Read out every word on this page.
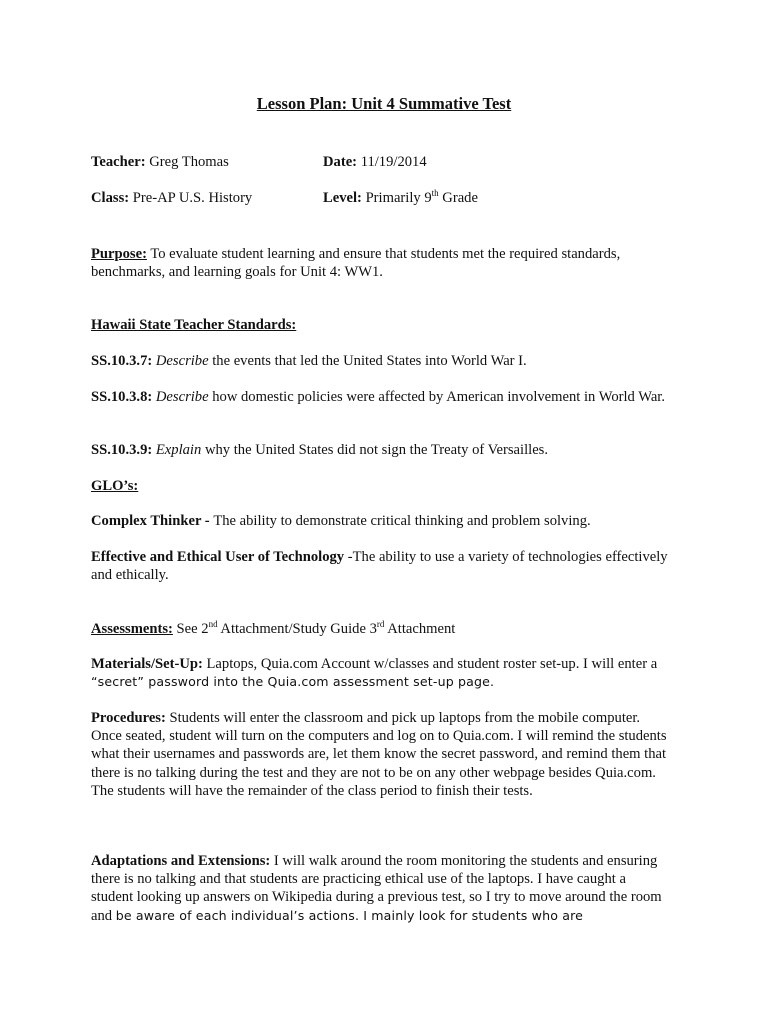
Lesson Plan: Unit 4 Summative Test
Teacher: Greg Thomas	Date: 11/19/2014
Class: Pre-AP U.S. History	Level: Primarily 9th Grade
Purpose: To evaluate student learning and ensure that students met the required standards, benchmarks, and learning goals for Unit 4: WW1.
Hawaii State Teacher Standards:
SS.10.3.7: Describe the events that led the United States into World War I.
SS.10.3.8: Describe how domestic policies were affected by American involvement in World War.
SS.10.3.9: Explain why the United States did not sign the Treaty of Versailles.
GLO’s:
Complex Thinker - The ability to demonstrate critical thinking and problem solving.
Effective and Ethical User of Technology -The ability to use a variety of technologies effectively and ethically.
Assessments: See 2nd Attachment/Study Guide 3rd Attachment
Materials/Set-Up: Laptops, Quia.com Account w/classes and student roster set-up. I will enter a “secret” password into the Quia.com assessment set-up page.
Procedures: Students will enter the classroom and pick up laptops from the mobile computer. Once seated, student will turn on the computers and log on to Quia.com. I will remind the students what their usernames and passwords are, let them know the secret password, and remind them that there is no talking during the test and they are not to be on any other webpage besides Quia.com. The students will have the remainder of the class period to finish their tests.
Adaptations and Extensions: I will walk around the room monitoring the students and ensuring there is no talking and that students are practicing ethical use of the laptops. I have caught a student looking up answers on Wikipedia during a previous test, so I try to move around the room and be aware of each individual’s actions. I mainly look for students who are
